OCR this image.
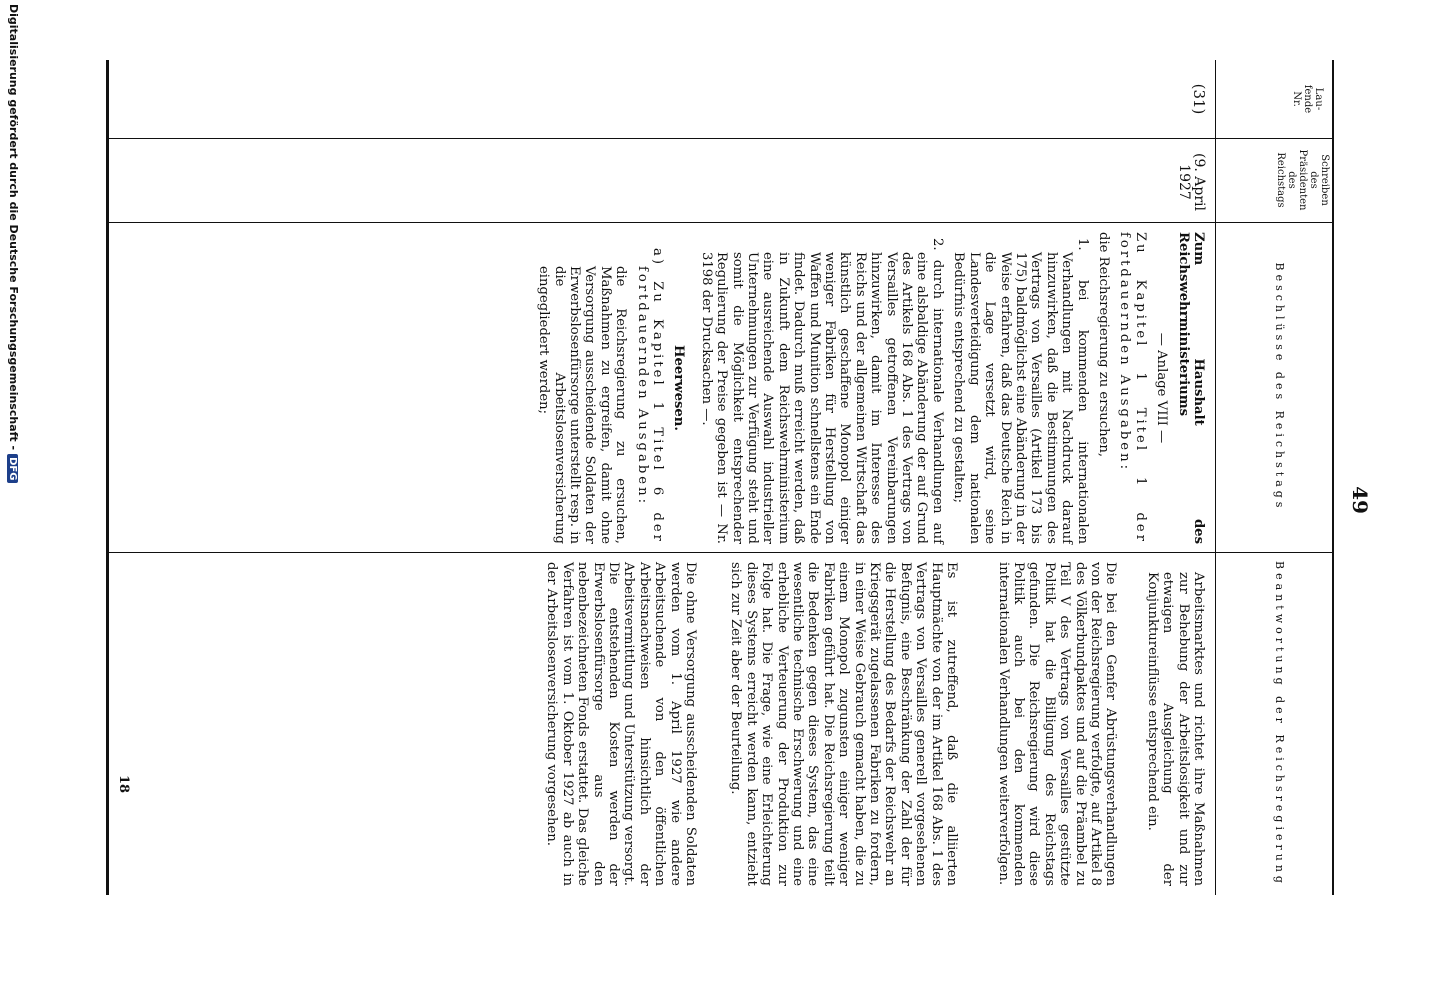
49
Lau-
fende
Nr.
Schreiben
des
Präsidenten
des
Reichstags
Beschlüsse des Reichstags
Beantwortung der Reichsregierung
(31)
(9. April
1927

Zum Haushalt des Reichswehrministeriums

— Anlage VIII —

Zu Kapitel 1 Titel 1 der fortdauernden Ausgaben:

die Reichsregierung zu ersuchen,

1. bei kommenden internationalen Verhandlungen mit Nachdruck darauf hinzuwirken, daß die Bestimmungen des Vertrags von Versailles (Artikel 173 bis 175) baldmöglichst eine Abänderung in der Weise erfahren, daß das Deutsche Reich in die Lage versetzt wird, seine Landesverteidigung dem nationalen Bedürfnis entsprechend zu gestalten;

2. durch internationale Verhandlungen auf eine alsbaldige Abänderung der auf Grund des Artikels 168 Abs. 1 des Vertrags von Versailles getroffenen Vereinbarungen hinzuwirken, damit im Interesse des Reichs und der allgemeinen Wirtschaft das künstlich geschaffene Monopol einiger weniger Fabriken für Herstellung von Waffen und Munition schnellstens ein Ende findet. Dadurch muß erreicht werden, daß in Zukunft dem Reichswehrministerium eine ausreichende Auswahl industrieller Unternehmungen zur Verfügung steht und somit die Möglichkeit entsprechender Regulierung der Preise gegeben ist — Nr. 3198 der Drucksachen —.

Heerwesen.

a) Zu Kapitel 1 Titel 6 der fortdauernden Ausgaben:

die Reichsregierung zu ersuchen, Maßnahmen zu ergreifen, damit ohne Versorgung ausscheidende Soldaten der Erwerbslosenfürsorge unterstellt resp. in die Arbeitslosenversicherung eingegliedert werden;

Arbeitsmarktes und richtet ihre Maßnahmen zur Behebung der Arbeitslosigkeit und zur etwaigen Ausgleichung der Konjunktureinflüsse entsprechend ein.

Die bei den Genfer Abrüstungsverhandlungen von der Reichsregierung verfolgte, auf Artikel 8 des Völkerbundpaktes und auf die Präambel zu Teil V des Vertrags von Versailles gestützte Politik hat die Billigung des Reichstags gefunden. Die Reichsregierung wird diese Politik auch bei den kommenden internationalen Verhandlungen weiterverfolgen.

Es ist zutreffend, daß die alliierten Hauptmächte von der im Artikel 168 Abs. 1 des Vertrags von Versailles generell vorgesehenen Befugnis, eine Beschränkung der Zahl der für die Herstellung des Bedarfs der Reichswehr an Kriegsgerät zugelassenen Fabriken zu fordern, in einer Weise Gebrauch gemacht haben, die zu einem Monopol zugunsten einiger weniger Fabriken geführt hat. Die Reichsregierung teilt die Bedenken gegen dieses System, das eine wesentliche technische Erschwerung und eine erhebliche Verteuerung der Produktion zur Folge hat. Die Frage, wie eine Erleichterung dieses Systems erreicht werden kann, entzieht sich zur Zeit aber der Beurteilung.

Die ohne Versorgung ausscheidenden Soldaten werden vom 1. April 1927 wie andere Arbeitsuchende von den öffentlichen Arbeitsnachweisen hinsichtlich der Arbeitsvermittlung und Unterstützung versorgt. Die entstehenden Kosten werden der Erwerbslosenfürsorge aus den nebenbezeichneten Fonds erstattet. Das gleiche Verfahren ist vom 1. Oktober 1927 ab auch in der Arbeitslosenversicherung vorgesehen.

18
Digitalisierung gefördert durch die Deutsche Forschungsgemeinschaft -DFG
